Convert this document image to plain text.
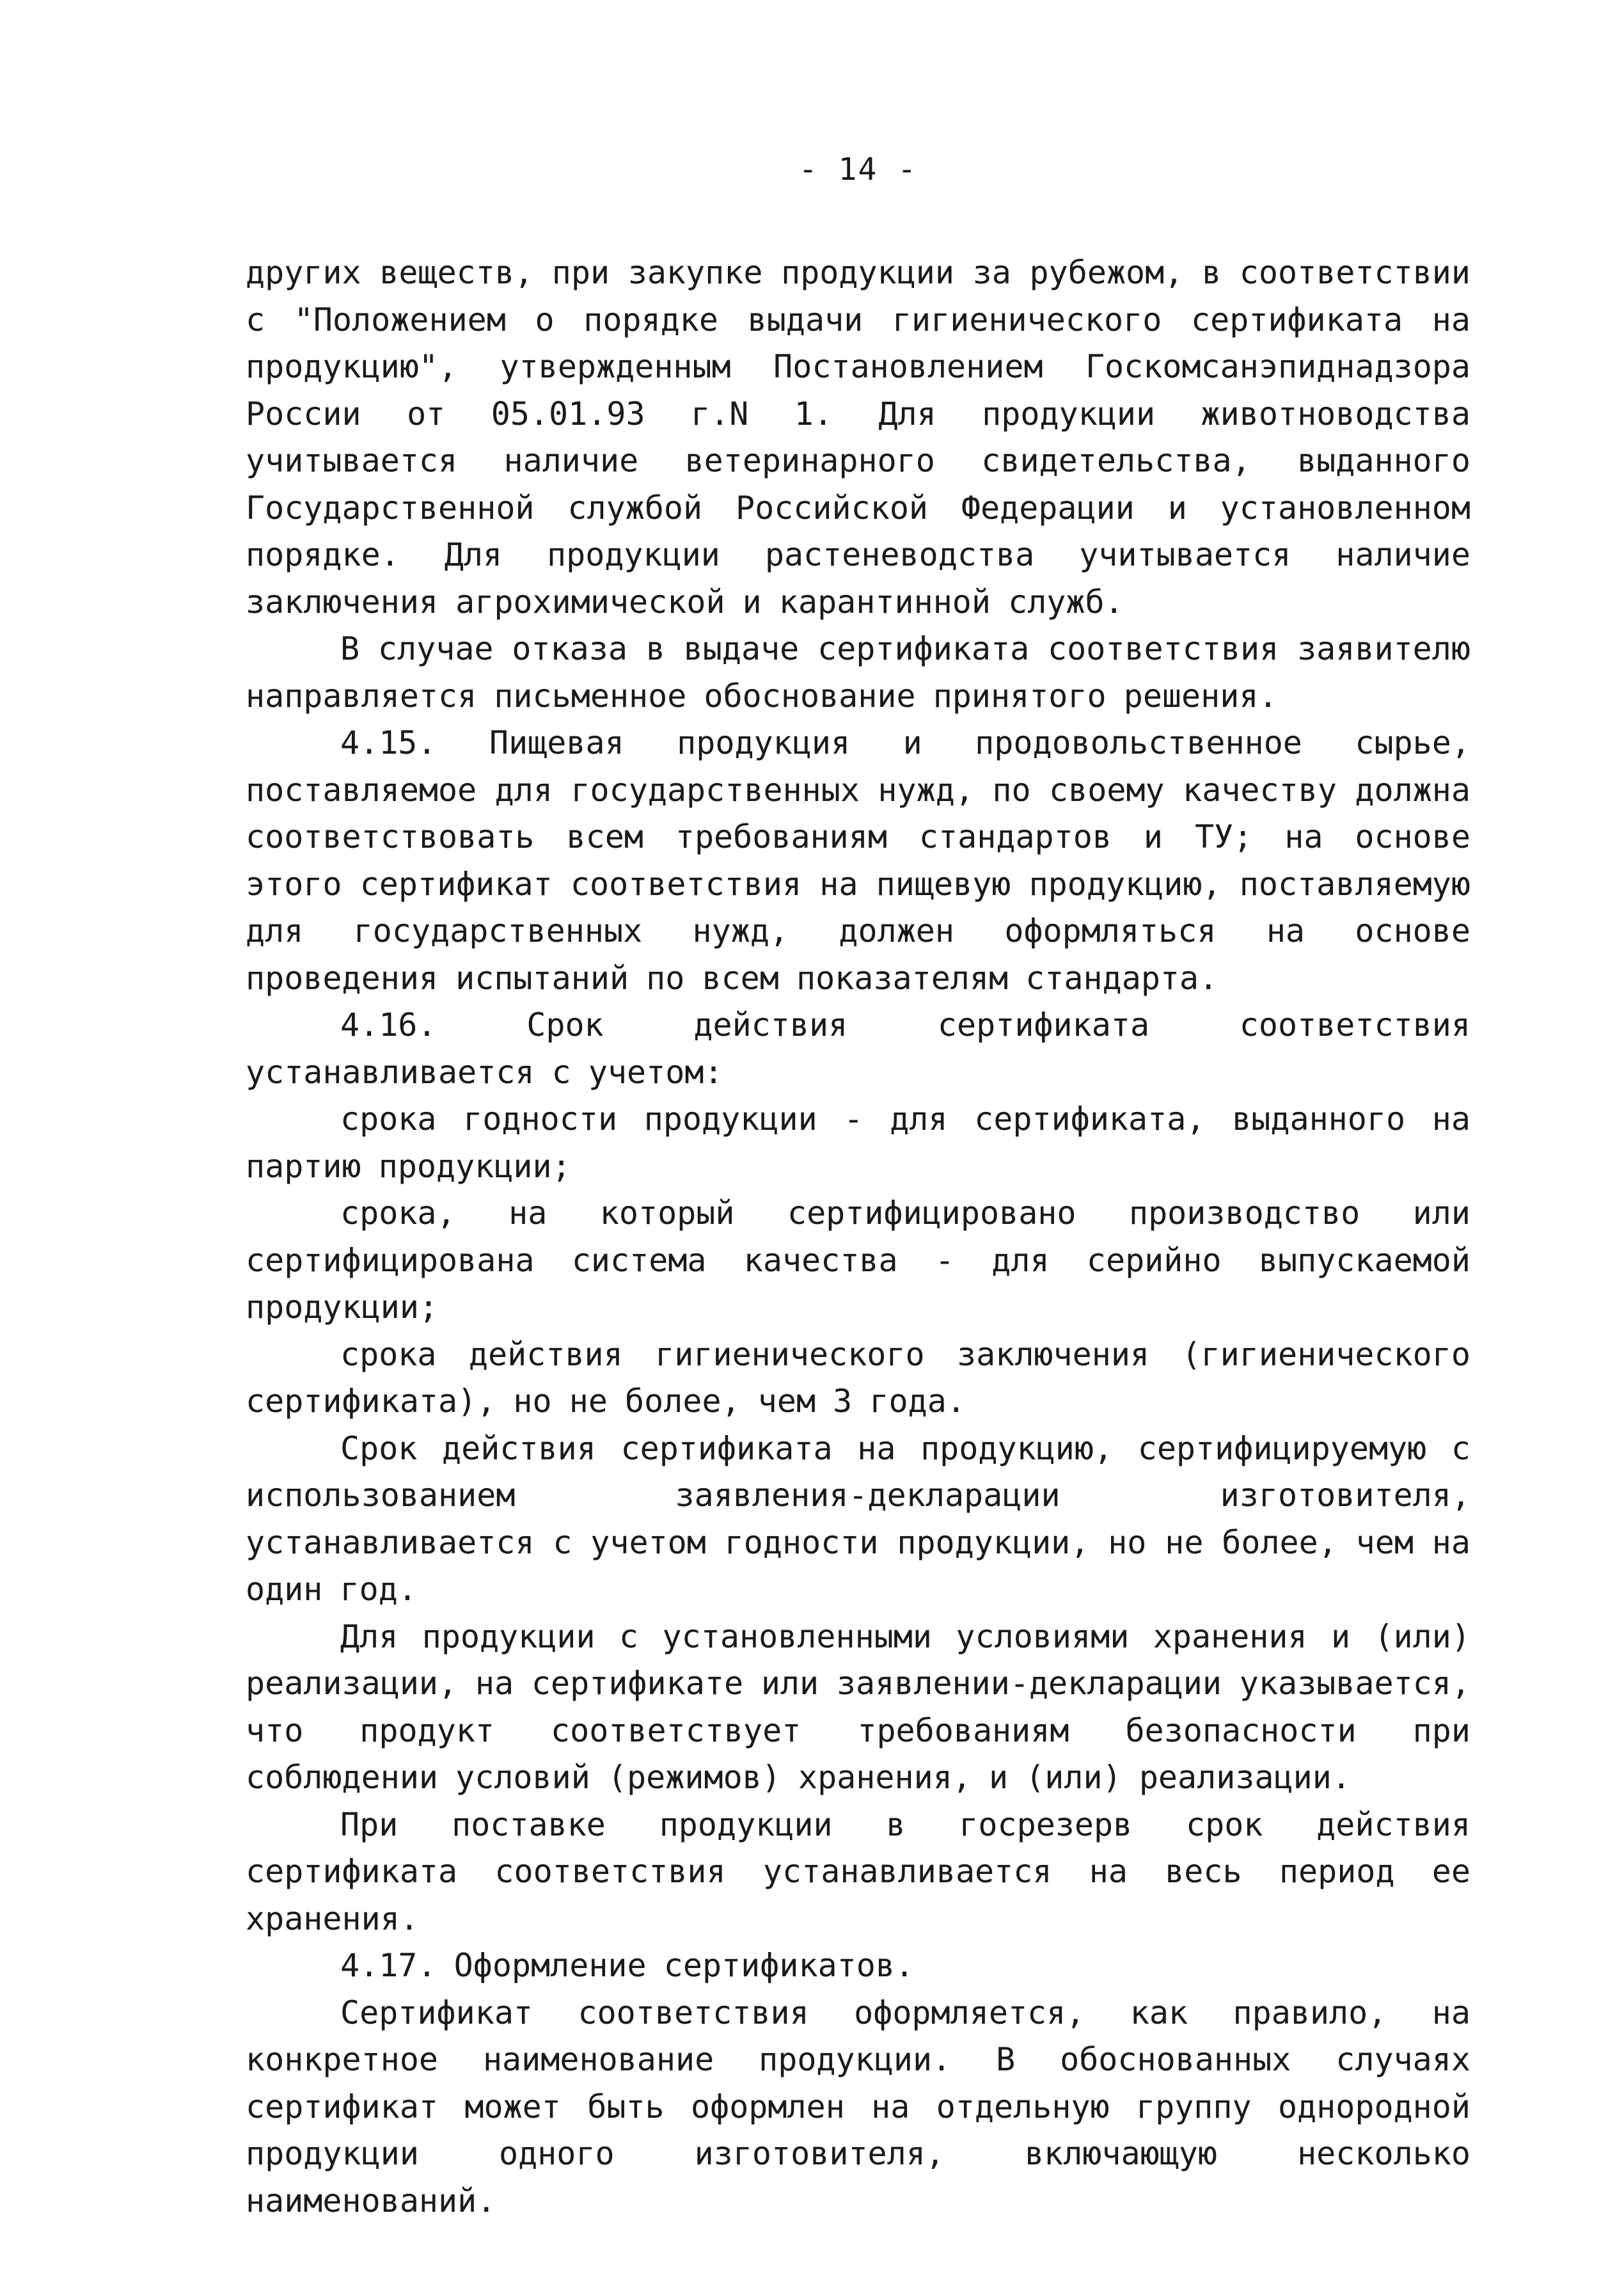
- 14 -

других веществ, при закупке продукции за рубежом, в соответствии с "Положением о порядке выдачи гигиенического сертификата на продукцию", утвержденным Постановлением Госкомсанэпиднадзора России от 05.01.93 г.N 1. Для продукции животноводства учитывается наличие ветеринарного свидетельства, выданного Государственной службой Российской Федерации и установленном порядке. Для продукции растеневодства учитывается наличие заключения агрохимической и карантинной служб.

В случае отказа в выдаче сертификата соответствия заявителю направляется письменное обоснование принятого решения.

4.15. Пищевая продукция и продовольственное сырье, поставляемое для государственных нужд, по своему качеству должна соответствовать всем требованиям стандартов и ТУ; на основе этого сертификат соответствия на пищевую продукцию, поставляемую для государственных нужд, должен оформляться на основе проведения испытаний по всем показателям стандарта.

4.16. Срок действия сертификата соответствия устанавливается с учетом:

срока годности продукции - для сертификата, выданного на партию продукции;

срока, на который сертифицировано производство или сертифицирована система качества - для серийно выпускаемой продукции;

срока действия гигиенического заключения (гигиенического сертификата), но не более, чем 3 года.

Срок действия сертификата на продукцию, сертифицируемую с использованием заявления-декларации изготовителя, устанавливается с учетом годности продукции, но не более, чем на один год.

Для продукции с установленными условиями хранения и (или) реализации, на сертификате или заявлении-декларации указывается, что продукт соответствует требованиям безопасности при соблюдении условий (режимов) хранения, и (или) реализации.

При поставке продукции в госрезерв срок действия сертификата соответствия устанавливается на весь период ее хранения.

4.17. Оформление сертификатов.

Сертификат соответствия оформляется, как правило, на конкретное наименование продукции. В обоснованных случаях сертификат может быть оформлен на отдельную группу однородной продукции одного изготовителя, включающую несколько наименований.
